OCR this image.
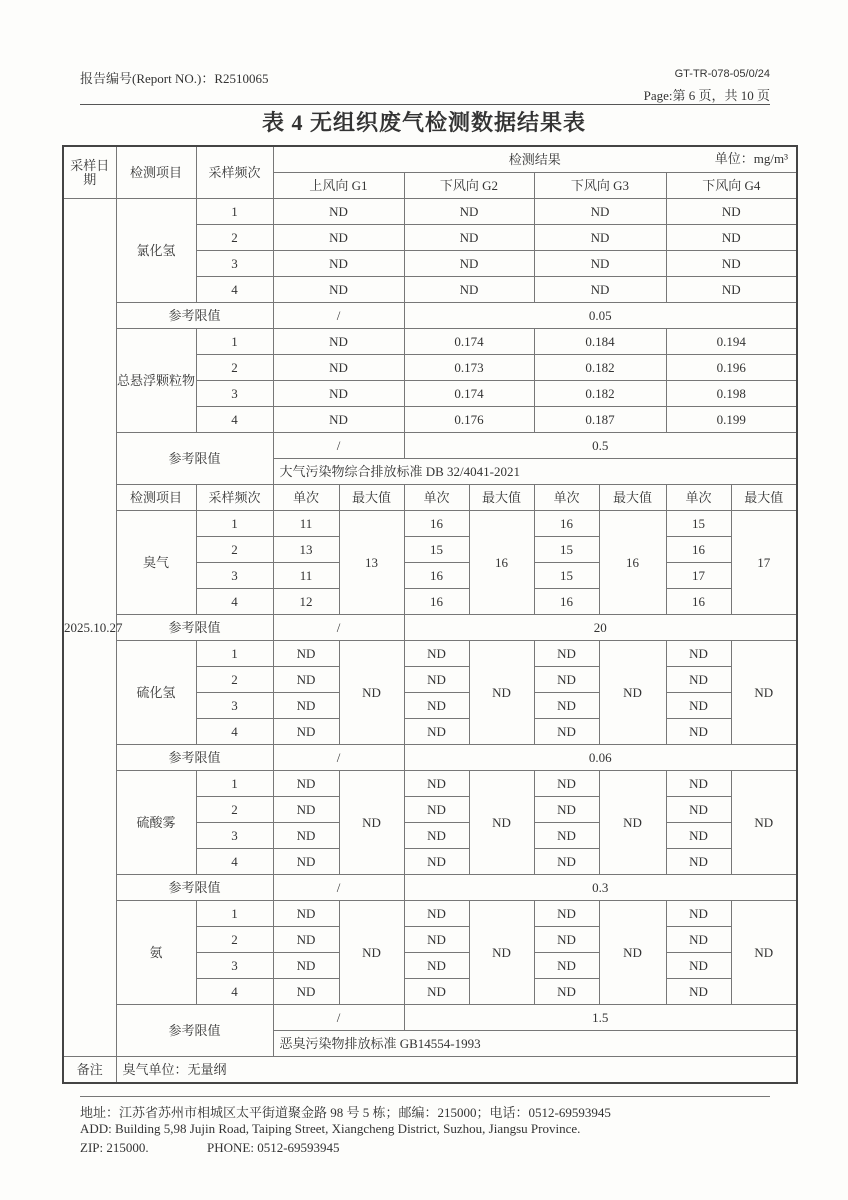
报告编号(Report NO.)：R2510065	GT-TR-078-05/0/24
Page:第 6 页，共 10 页
表 4 无组织废气检测数据结果表
采样日期	检测项目	采样频次	检测结果 单位：mg/m³							

			上风向 G1		下风向 G2		下风向 G3		下风向 G4	
2025.10.27	氯化氢	1	ND		ND		ND		ND	
		2	ND		ND		ND		ND	
		3	ND		ND		ND		ND	
		4	ND		ND		ND		ND	
	参考限值		/		0.05					
	总悬浮颗粒物	1	ND		0.174		0.184		0.194	
		2	ND		0.173		0.182		0.196	
		3	ND		0.174		0.182		0.198	
		4	ND		0.176		0.187		0.199	
	参考限值		/		0.5					
			大气污染物综合排放标准 DB 32/4041-2021							
	检测项目	采样频次	单次	最大值	单次	最大值	单次	最大值	单次	最大值
	臭气	1	11	13	16	16	16	16	15	17
		2	13		15		15		16	
		3	11		16		15		17	
		4	12		16		16		16	
	参考限值		/		20					
	硫化氢	1	ND	ND	ND	ND	ND	ND	ND	ND
		2	ND		ND		ND		ND	
		3	ND		ND		ND		ND	
		4	ND		ND		ND		ND	
	参考限值		/		0.06					
	硫酸雾	1	ND	ND	ND	ND	ND	ND	ND	ND
		2	ND		ND		ND		ND	
		3	ND		ND		ND		ND	
		4	ND		ND		ND		ND	
	参考限值		/		0.3					
	氨	1	ND	ND	ND	ND	ND	ND	ND	ND
		2	ND		ND		ND		ND	
		3	ND		ND		ND		ND	
		4	ND		ND		ND		ND	
	参考限值		/		1.5					
			恶臭污染物排放标准 GB14554-1993							
备注	臭气单位：无量纲									
地址：江苏省苏州市相城区太平街道聚金路 98 号 5 栋；邮编：215000；电话：0512-69593945
ADD: Building 5,98 Jujin Road, Taiping Street, Xiangcheng District, Suzhou, Jiangsu Province.
ZIP: 215000.	PHONE: 0512-69593945
